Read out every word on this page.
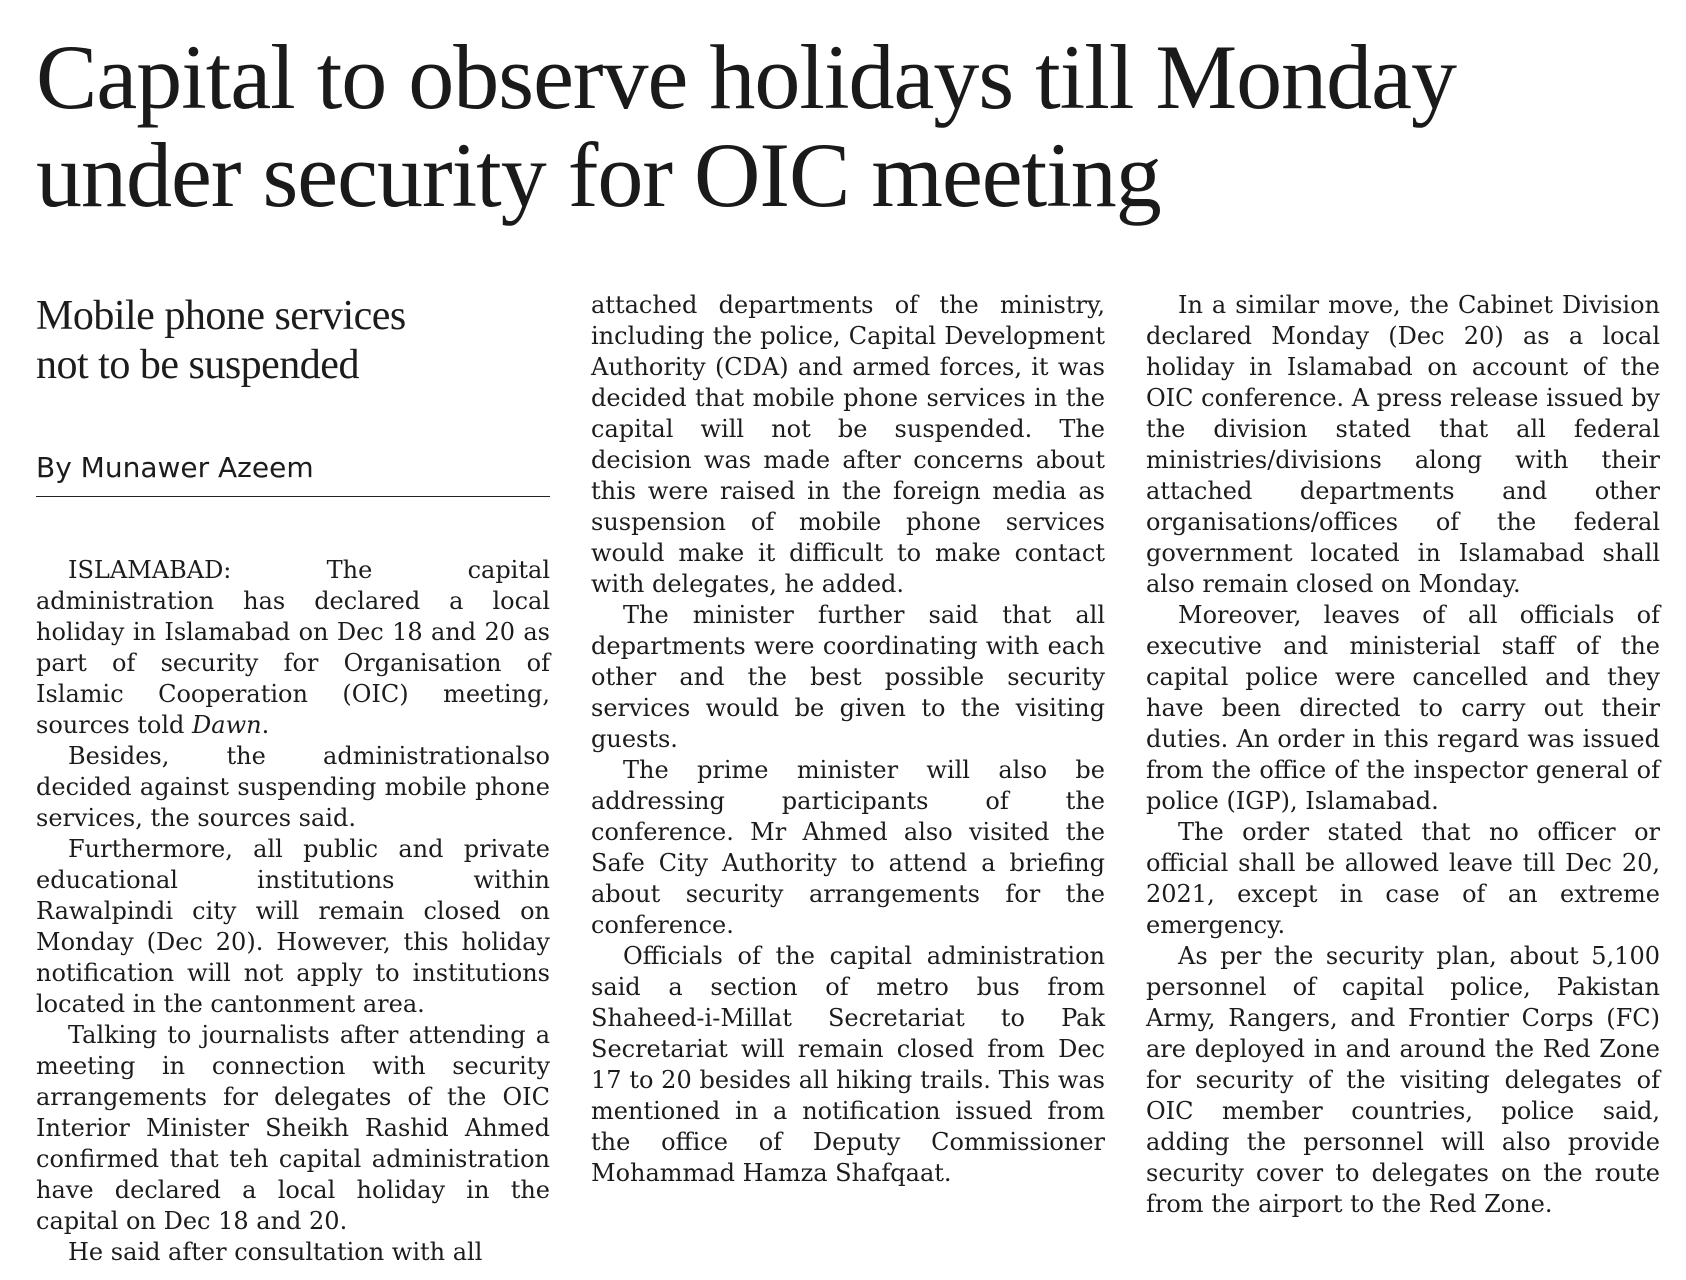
Capital to observe holidays till Monday
under security for OIC meeting
Mobile phone services
not to be suspended
By Munawer Azeem

ISLAMABAD: The capital administration has declared a local holiday in Islamabad on Dec 18 and 20 as part of security for Organisation of Islamic Cooperation (OIC) meeting, sources told Dawn.

Besides, the administrationalso decided against suspending mobile phone services, the sources said.

Furthermore, all public and private educational institutions within Rawalpindi city will remain closed on Monday (Dec 20). However, this holiday notification will not apply to institutions located in the cantonment area.

Talking to journalists after attending a meeting in connection with security arrangements for delegates of the OIC Interior Minister Sheikh Rashid Ahmed confirmed that teh capital administration have declared a local holiday in the capital on Dec 18 and 20.

He said after consultation with all

attached departments of the ministry, including the police, Capital Development Authority (CDA) and armed forces, it was decided that mobile phone services in the capital will not be suspended. The decision was made after concerns about this were raised in the foreign media as suspension of mobile phone services would make it difficult to make contact with delegates, he added.

The minister further said that all departments were coordinating with each other and the best possible security services would be given to the visiting guests.

The prime minister will also be addressing participants of the conference. Mr Ahmed also visited the Safe City Authority to attend a briefing about security arrangements for the conference.

Officials of the capital administration said a section of metro bus from Shaheed-i-Millat Secretariat to Pak Secretariat will remain closed from Dec 17 to 20 besides all hiking trails. This was mentioned in a notification issued from the office of Deputy Commissioner Mohammad Hamza Shafqaat.

In a similar move, the Cabinet Division declared Monday (Dec 20) as a local holiday in Islamabad on account of the OIC conference. A press release issued by the division stated that all federal ministries/divisions along with their attached departments and other organisations/offices of the federal government located in Islamabad shall also remain closed on Monday.

Moreover, leaves of all officials of executive and ministerial staff of the capital police were cancelled and they have been directed to carry out their duties. An order in this regard was issued from the office of the inspector general of police (IGP), Islamabad.

The order stated that no officer or official shall be allowed leave till Dec 20, 2021, except in case of an extreme emergency.

As per the security plan, about 5,100 personnel of capital police, Pakistan Army, Rangers, and Frontier Corps (FC) are deployed in and around the Red Zone for security of the visiting delegates of OIC member countries, police said, adding the personnel will also provide security cover to delegates on the route from the airport to the Red Zone.
